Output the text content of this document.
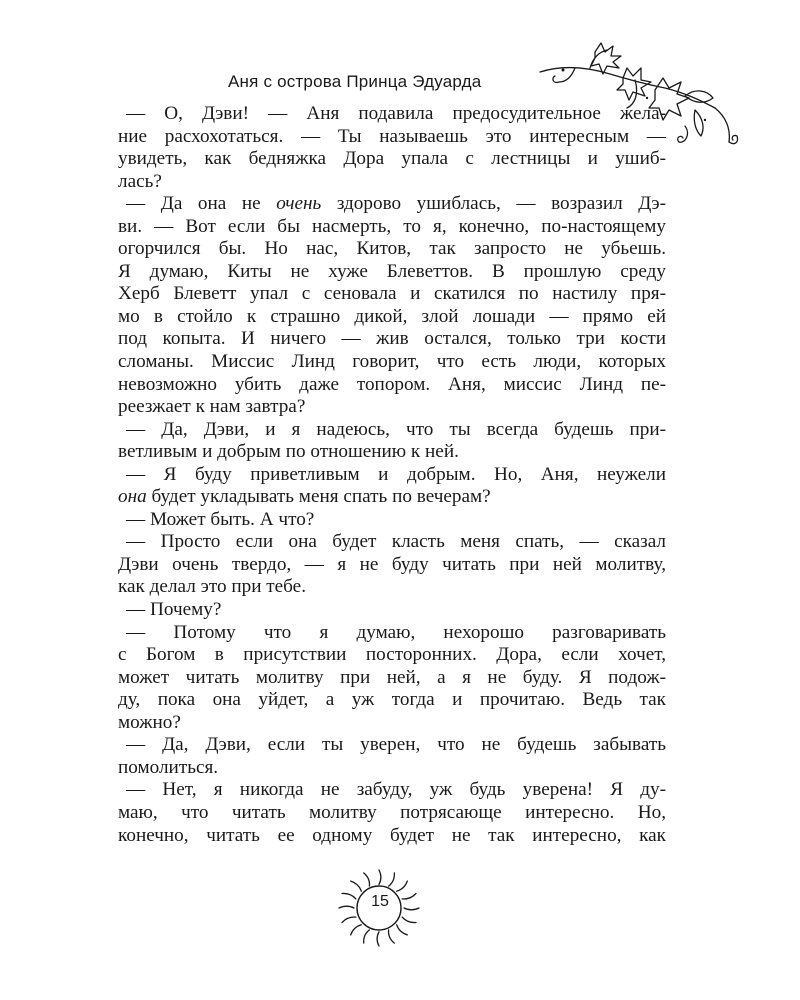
Аня с острова Принца Эдуарда
— О, Дэви! — Аня подавила предосудительное жела-
ние расхохотаться. — Ты называешь это интересным —
увидеть, как бедняжка Дора упала с лестницы и ушиб-
лась?
— Да она не очень здорово ушиблась, — возразил Дэ-
ви. — Вот если бы насмерть, то я, конечно, по-настоящему
огорчился бы. Но нас, Китов, так запросто не убьешь.
Я думаю, Киты не хуже Блеветтов. В прошлую среду
Херб Блеветт упал с сеновала и скатился по настилу пря-
мо в стойло к страшно дикой, злой лошади — прямо ей
под копыта. И ничего — жив остался, только три кости
сломаны. Миссис Линд говорит, что есть люди, которых
невозможно убить даже топором. Аня, миссис Линд пе-
реезжает к нам завтра?
— Да, Дэви, и я надеюсь, что ты всегда будешь при-
ветливым и добрым по отношению к ней.
— Я буду приветливым и добрым. Но, Аня, неужели
она будет укладывать меня спать по вечерам?
— Может быть. А что?
— Просто если она будет класть меня спать, — сказал
Дэви очень твердо, — я не буду читать при ней молитву,
как делал это при тебе.
— Почему?
— Потому что я думаю, нехорошо разговаривать
с Богом в присутствии посторонних. Дора, если хочет,
может читать молитву при ней, а я не буду. Я подож-
ду, пока она уйдет, а уж тогда и прочитаю. Ведь так
можно?
— Да, Дэви, если ты уверен, что не будешь забывать
помолиться.
— Нет, я никогда не забуду, уж будь уверена! Я ду-
маю, что читать молитву потрясающе интересно. Но,
конечно, читать ее одному будет не так интересно, как
15
